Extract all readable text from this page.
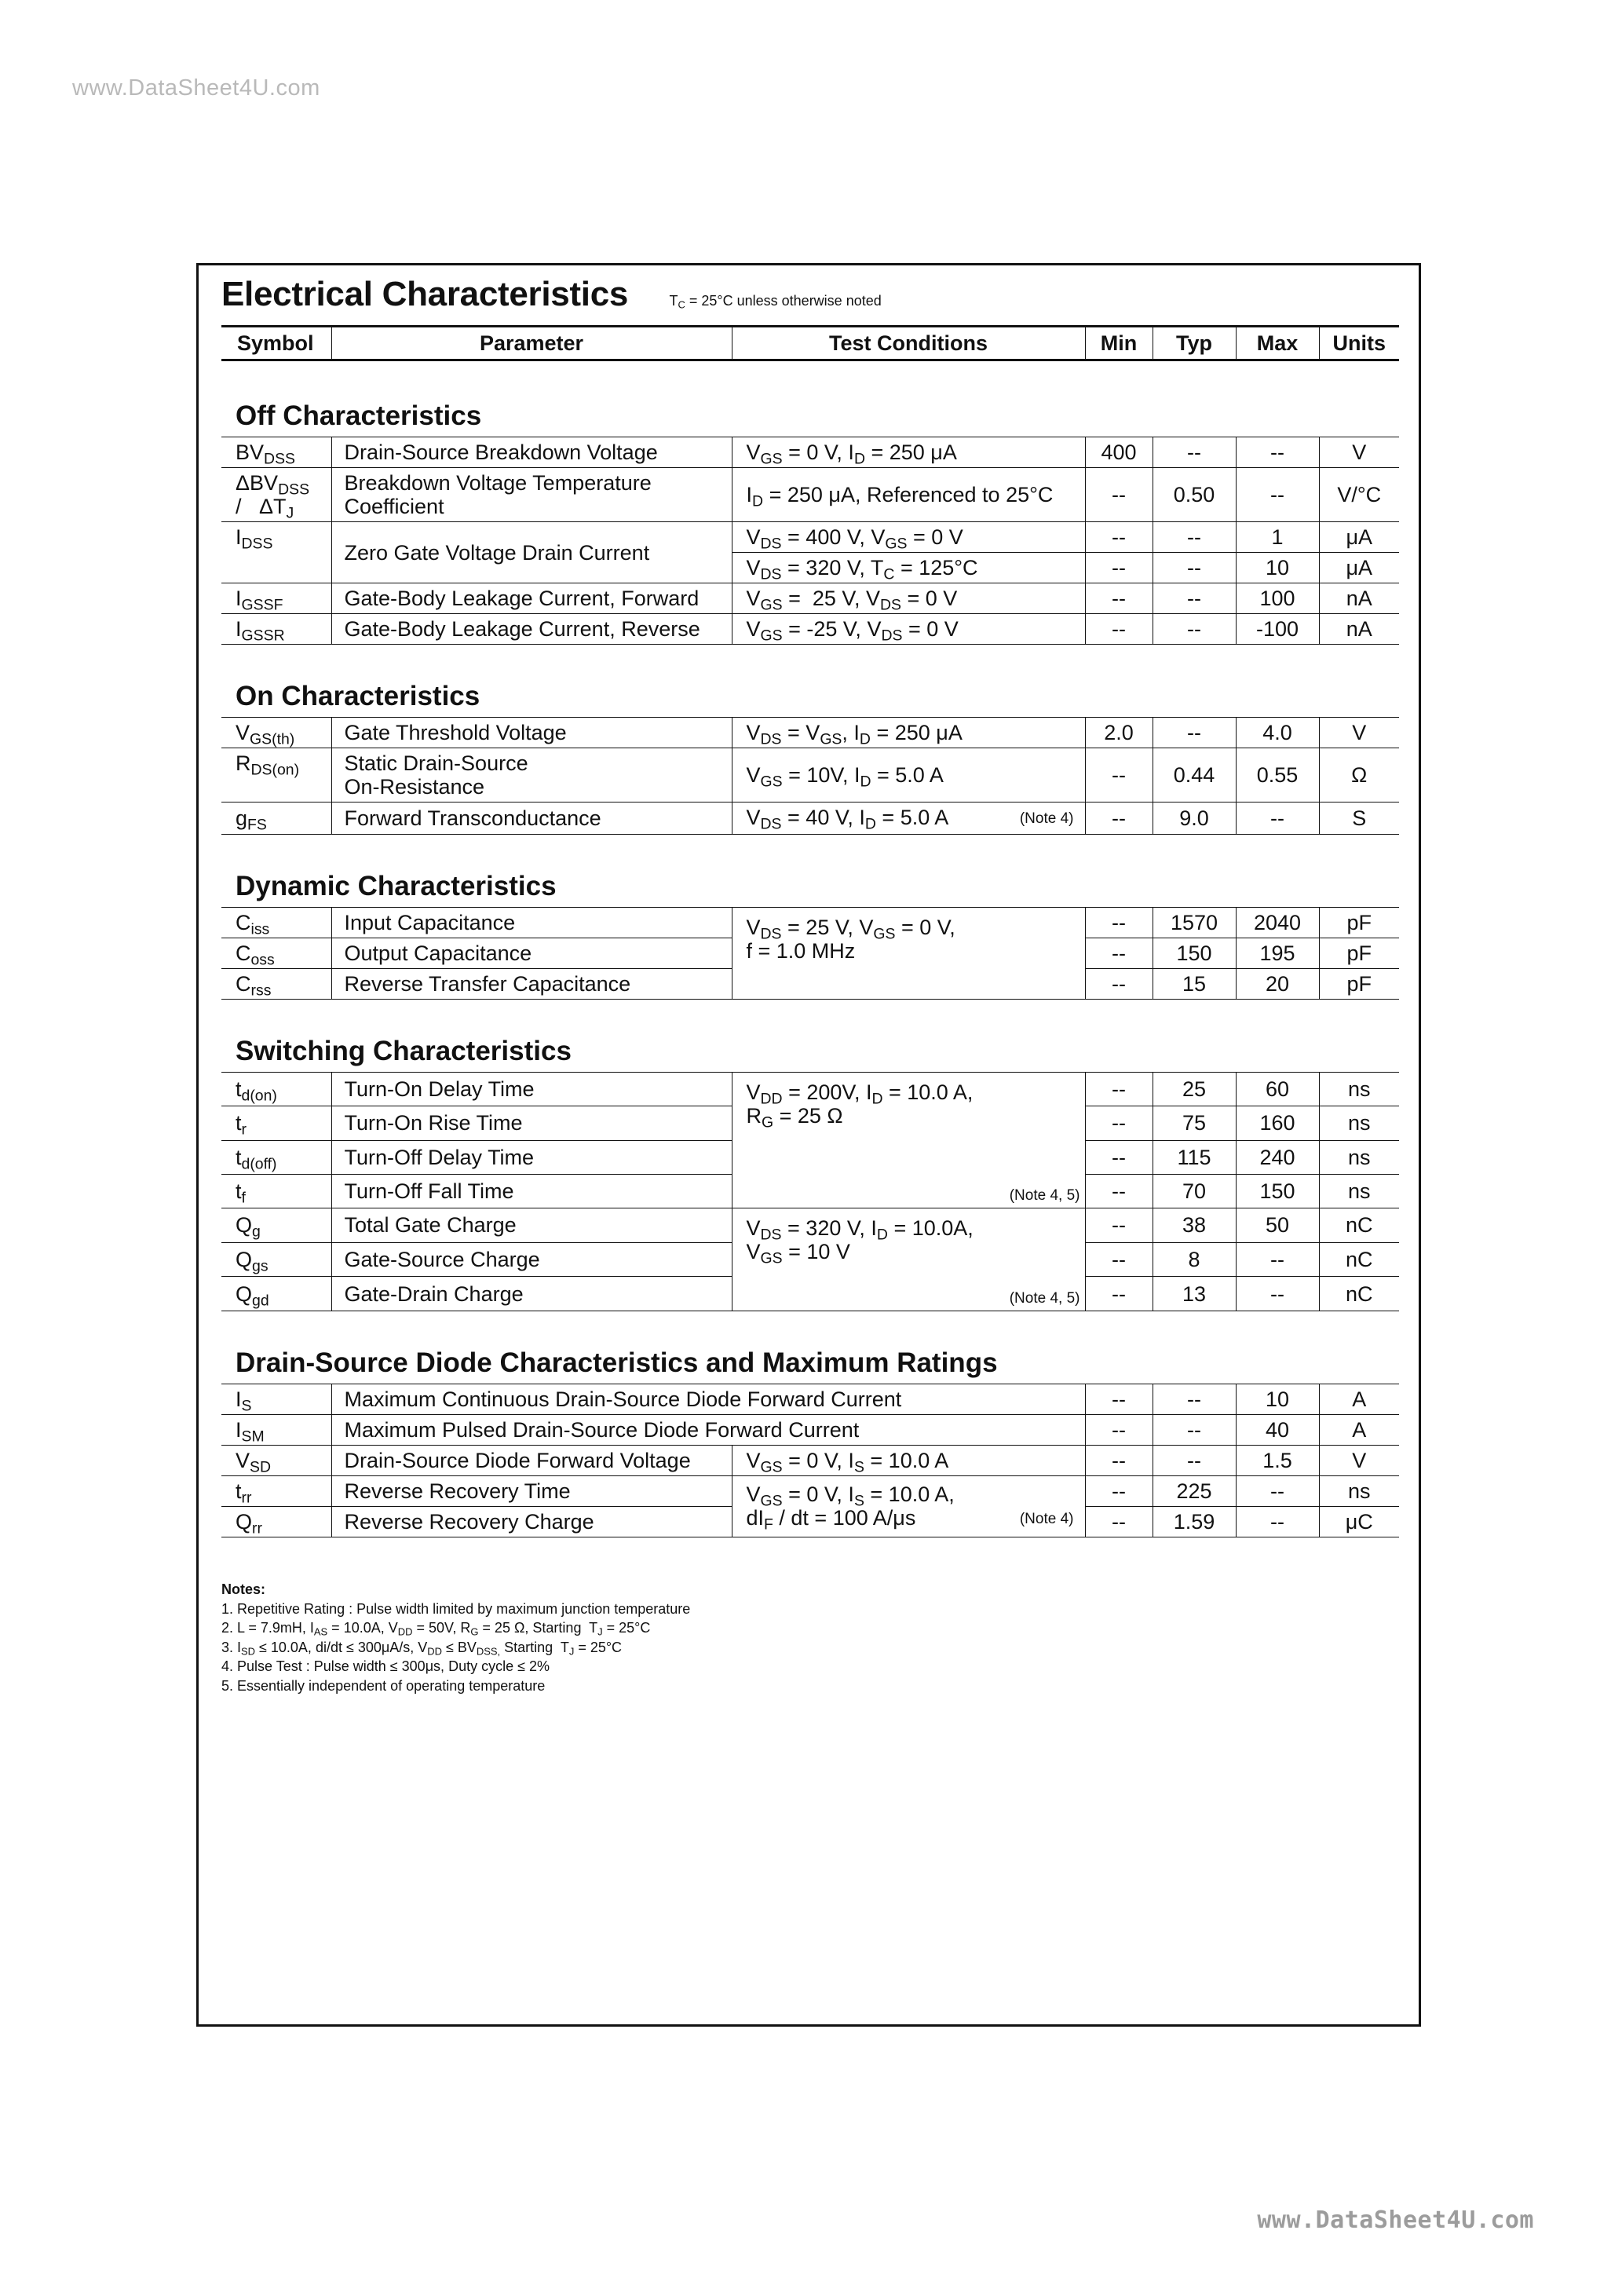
www.DataSheet4U.com
Electrical Characteristics	$T_C = 25^\circ C$ unless otherwise noted
Symbol	Parameter	Test Conditions	Min	Typ	Max	Units
Off Characteristics						
$BV_{DSS}$	Drain-Source Breakdown Voltage	$V_{GS} = 0$ V, $I_D = 250$ μA	400	--	--	V
$\Delta BV_{DSS}$
/   $\Delta T_J$	Breakdown Voltage Temperature
Coefficient	$I_D = 250$ μA, Referenced to 25°C	--	0.50	--	V/°C
$I_{DSS}$	Zero Gate Voltage Drain Current	$V_{DS} = 400$ V, $V_{GS} = 0$ V	--	--	1	μA
		$V_{DS} = 320$ V, $T_C = 125^\circ C$	--	--	10	μA
$I_{GSSF}$	Gate-Body Leakage Current, Forward	$V_{GS} = 25$ V, $V_{DS} = 0$ V	--	--	100	nA
$I_{GSSR}$	Gate-Body Leakage Current, Reverse	$V_{GS} = -25$ V, $V_{DS} = 0$ V	--	--	-100	nA
On Characteristics						
$V_{GS(th)}$	Gate Threshold Voltage	$V_{DS} = V_{GS}$, $I_D = 250$ μA	2.0	--	4.0	V
$R_{DS(on)}$	Static Drain-Source
On-Resistance	$V_{GS} = 10V$, $I_D = 5.0$ A	--	0.44	0.55	Ω
$g_{FS}$	Forward Transconductance	$V_{DS} = 40$ V, $I_D = 5.0$ A (Note 4)	--	9.0	--	S
Dynamic Characteristics						
$C_{iss}$	Input Capacitance	$V_{DS} = 25$ V, $V_{GS} = 0$ V,
f = 1.0 MHz	--	1570	2040	pF
$C_{oss}$	Output Capacitance		--	150	195	pF
$C_{rss}$	Reverse Transfer Capacitance		--	15	20	pF
Switching Characteristics						
$t_{d(on)}$	Turn-On Delay Time	$V_{DD} = 200V$, $I_D = 10.0$ A,
$R_G = 25$ Ω
(Note 4, 5)	--	25	60	ns
$t_r$	Turn-On Rise Time		--	75	160	ns
$t_{d(off)}$	Turn-Off Delay Time		--	115	240	ns
$t_f$	Turn-Off Fall Time		--	70	150	ns
$Q_g$	Total Gate Charge	$V_{DS} = 320$ V, $I_D = 10.0A$,
$V_{GS} = 10$ V
(Note 4, 5)	--	38	50	nC
$Q_{gs}$	Gate-Source Charge		--	8	--	nC
$Q_{gd}$	Gate-Drain Charge		--	13	--	nC
Drain-Source Diode Characteristics and Maximum Ratings						
$I_S$	Maximum Continuous Drain-Source Diode Forward Current		--	--	10	A
$I_{SM}$	Maximum Pulsed Drain-Source Diode Forward Current		--	--	40	A
$V_{SD}$	Drain-Source Diode Forward Voltage	$V_{GS} = 0$ V, $I_S = 10.0$ A	--	--	1.5	V
$t_{rr}$	Reverse Recovery Time	$V_{GS} = 0$ V, $I_S = 10.0$ A,
$dI_F$ / dt = 100 A/μs (Note 4)	--	225	--	ns
$Q_{rr}$	Reverse Recovery Charge		--	1.59	--	μC
Notes:
1. Repetitive Rating : Pulse width limited by maximum junction temperature
2. L = 7.9mH, $I_{AS} = 10.0A$, $V_{DD} = 50V$, $R_G = 25$ Ω, Starting  $T_J = 25^\circ C$
3. $I_{SD} \le 10.0A$, di/dt ≤ 300μA/s, $V_{DD} \le BV_{DSS,}$ Starting  $T_J = 25^\circ C$
4. Pulse Test : Pulse width ≤ 300μs, Duty cycle ≤ 2%
5. Essentially independent of operating temperature
www.DataSheet4U.com
